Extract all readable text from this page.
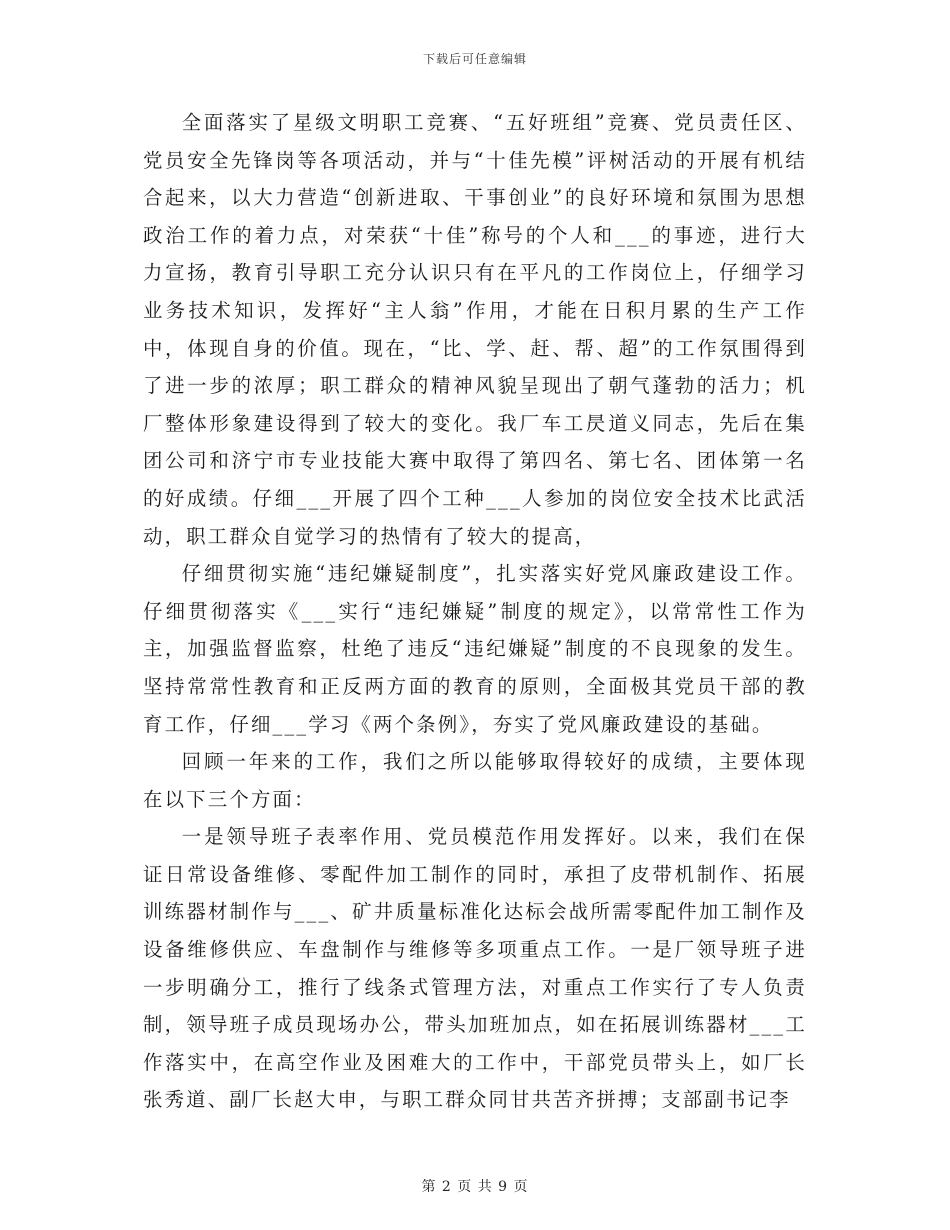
下载后可任意编辑

全面落实了星级文明职工竞赛、“五好班组”竞赛、党员责任区、党员安全先锋岗等各项活动，并与“十佳先模”评树活动的开展有机结合起来，以大力营造“创新进取、干事创业”的良好环境和氛围为思想政治工作的着力点，对荣获“十佳”称号的个人和___的事迹，进行大力宣扬，教育引导职工充分认识只有在平凡的工作岗位上，仔细学习业务技术知识，发挥好“主人翁”作用，才能在日积月累的生产工作中，体现自身的价值。现在，“比、学、赶、帮、超”的工作氛围得到了进一步的浓厚；职工群众的精神风貌呈现出了朝气蓬勃的活力；机厂整体形象建设得到了较大的变化。我厂车工昃道义同志，先后在集团公司和济宁市专业技能大赛中取得了第四名、第七名、团体第一名的好成绩。仔细___开展了四个工种___人参加的岗位安全技术比武活动，职工群众自觉学习的热情有了较大的提高，

仔细贯彻实施“违纪嫌疑制度”，扎实落实好党风廉政建设工作。仔细贯彻落实《___实行“违纪嫌疑”制度的规定》，以常常性工作为主，加强监督监察，杜绝了违反“违纪嫌疑”制度的不良现象的发生。坚持常常性教育和正反两方面的教育的原则，全面极其党员干部的教育工作，仔细___学习《两个条例》，夯实了党风廉政建设的基础。

回顾一年来的工作，我们之所以能够取得较好的成绩，主要体现在以下三个方面：

一是领导班子表率作用、党员模范作用发挥好。以来，我们在保证日常设备维修、零配件加工制作的同时，承担了皮带机制作、拓展训练器材制作与___、矿井质量标准化达标会战所需零配件加工制作及设备维修供应、车盘制作与维修等多项重点工作。一是厂领导班子进一步明确分工，推行了线条式管理方法，对重点工作实行了专人负责制，领导班子成员现场办公，带头加班加点，如在拓展训练器材___工作落实中，在高空作业及困难大的工作中，干部党员带头上，如厂长张秀道、副厂长赵大申，与职工群众同甘共苦齐拼搏；支部副书记李

第 2 页 共 9 页
